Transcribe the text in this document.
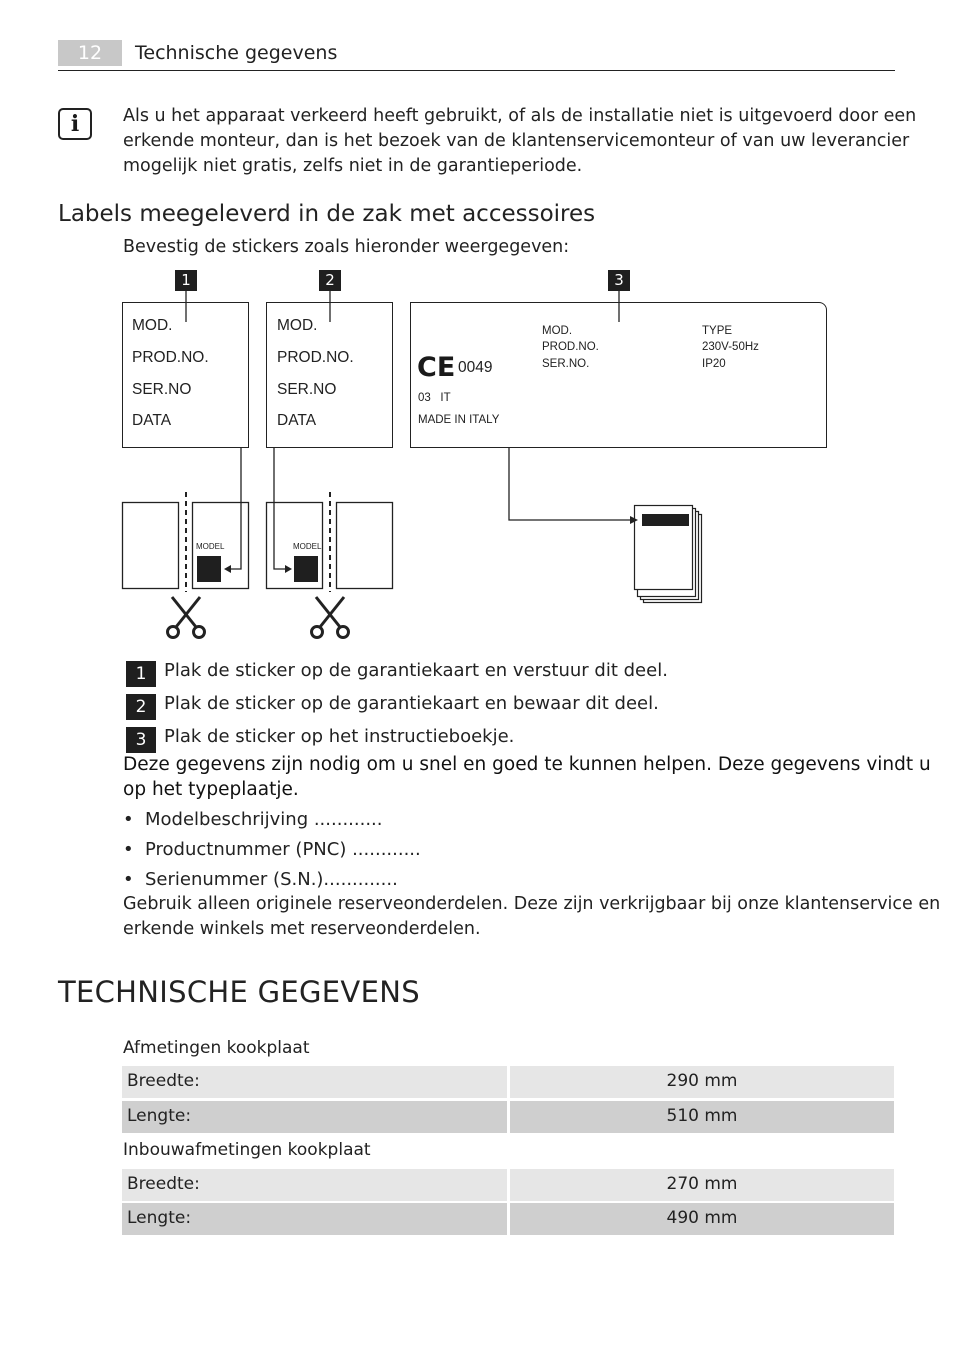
12	Technische gegevens
i	Als u het apparaat verkeerd heeft gebruikt, of als de installatie niet is uitgevoerd door een
erkende monteur, dan is het bezoek van de klantenservicemonteur of van uw leverancier
mogelijk niet gratis, zelfs niet in de garantieperiode.
Labels meegeleverd in de zak met accessoires
Bevestig de stickers zoals hieronder weergegeven:
1	2	3
MOD.
PROD.NO.
SER.NO
DATA
MOD.
PROD.NO.
SER.NO
DATA
CE 0049
03   IT
MADE IN ITALY
MOD.
PROD.NO.
SER.NO.
TYPE
230V-50Hz
IP20
MODEL	MODEL
1 Plak de sticker op de garantiekaart en verstuur dit deel.
2 Plak de sticker op de garantiekaart en bewaar dit deel.
3 Plak de sticker op het instructieboekje.
Deze gegevens zijn nodig om u snel en goed te kunnen helpen. Deze gegevens vindt u
op het typeplaatje.
• Modelbeschrijving ............
• Productnummer (PNC) ............
• Serienummer (S.N.).............
Gebruik alleen originele reserveonderdelen. Deze zijn verkrijgbaar bij onze klantenservice en
erkende winkels met reserveonderdelen.
TECHNISCHE GEGEVENS
Afmetingen kookplaat
Breedte:	290 mm
Lengte:	510 mm
Inbouwafmetingen kookplaat
Breedte:	270 mm
Lengte:	490 mm
